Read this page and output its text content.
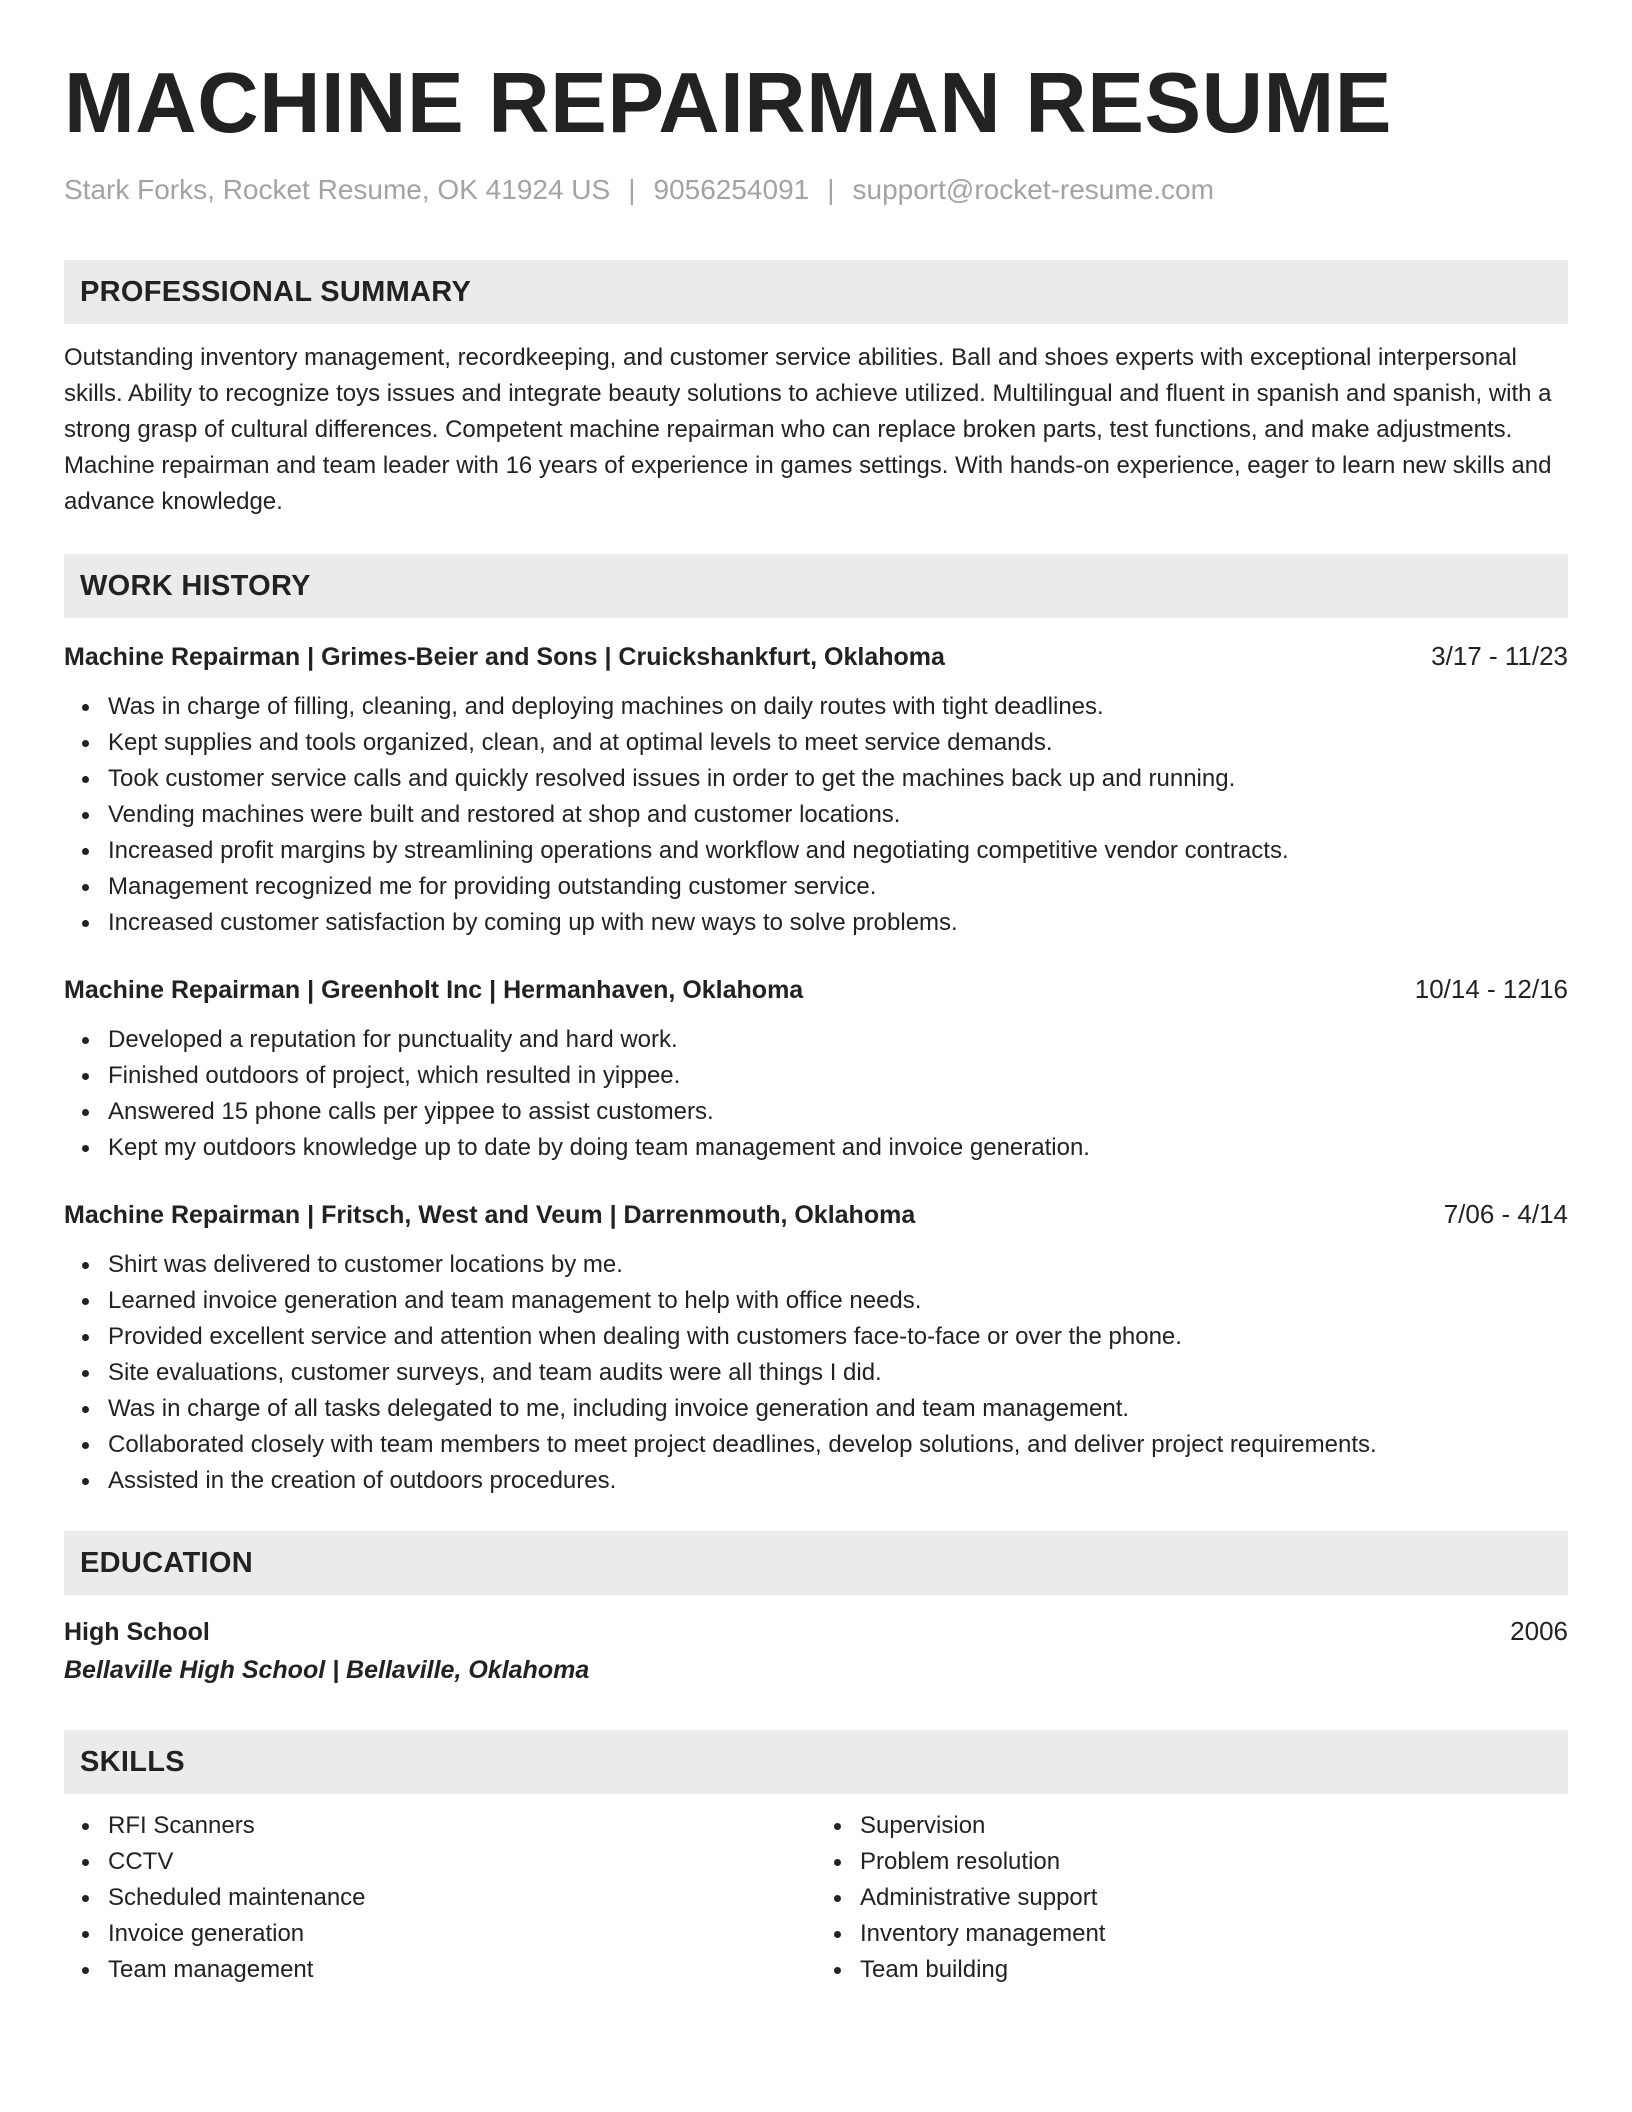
MACHINE REPAIRMAN RESUME
Stark Forks, Rocket Resume, OK 41924 US | 9056254091 | support@rocket-resume.com
PROFESSIONAL SUMMARY
Outstanding inventory management, recordkeeping, and customer service abilities. Ball and shoes experts with exceptional interpersonal skills. Ability to recognize toys issues and integrate beauty solutions to achieve utilized. Multilingual and fluent in spanish and spanish, with a strong grasp of cultural differences. Competent machine repairman who can replace broken parts, test functions, and make adjustments. Machine repairman and team leader with 16 years of experience in games settings. With hands-on experience, eager to learn new skills and advance knowledge.
WORK HISTORY
Machine Repairman | Grimes-Beier and Sons | Cruickshankfurt, Oklahoma	3/17 - 11/23
Was in charge of filling, cleaning, and deploying machines on daily routes with tight deadlines.
Kept supplies and tools organized, clean, and at optimal levels to meet service demands.
Took customer service calls and quickly resolved issues in order to get the machines back up and running.
Vending machines were built and restored at shop and customer locations.
Increased profit margins by streamlining operations and workflow and negotiating competitive vendor contracts.
Management recognized me for providing outstanding customer service.
Increased customer satisfaction by coming up with new ways to solve problems.
Machine Repairman | Greenholt Inc | Hermanhaven, Oklahoma	10/14 - 12/16
Developed a reputation for punctuality and hard work.
Finished outdoors of project, which resulted in yippee.
Answered 15 phone calls per yippee to assist customers.
Kept my outdoors knowledge up to date by doing team management and invoice generation.
Machine Repairman | Fritsch, West and Veum | Darrenmouth, Oklahoma	7/06 - 4/14
Shirt was delivered to customer locations by me.
Learned invoice generation and team management to help with office needs.
Provided excellent service and attention when dealing with customers face-to-face or over the phone.
Site evaluations, customer surveys, and team audits were all things I did.
Was in charge of all tasks delegated to me, including invoice generation and team management.
Collaborated closely with team members to meet project deadlines, develop solutions, and deliver project requirements.
Assisted in the creation of outdoors procedures.
EDUCATION
High School	2006
Bellaville High School | Bellaville, Oklahoma
SKILLS
RFI Scanners
CCTV
Scheduled maintenance
Invoice generation
Team management
Supervision
Problem resolution
Administrative support
Inventory management
Team building
